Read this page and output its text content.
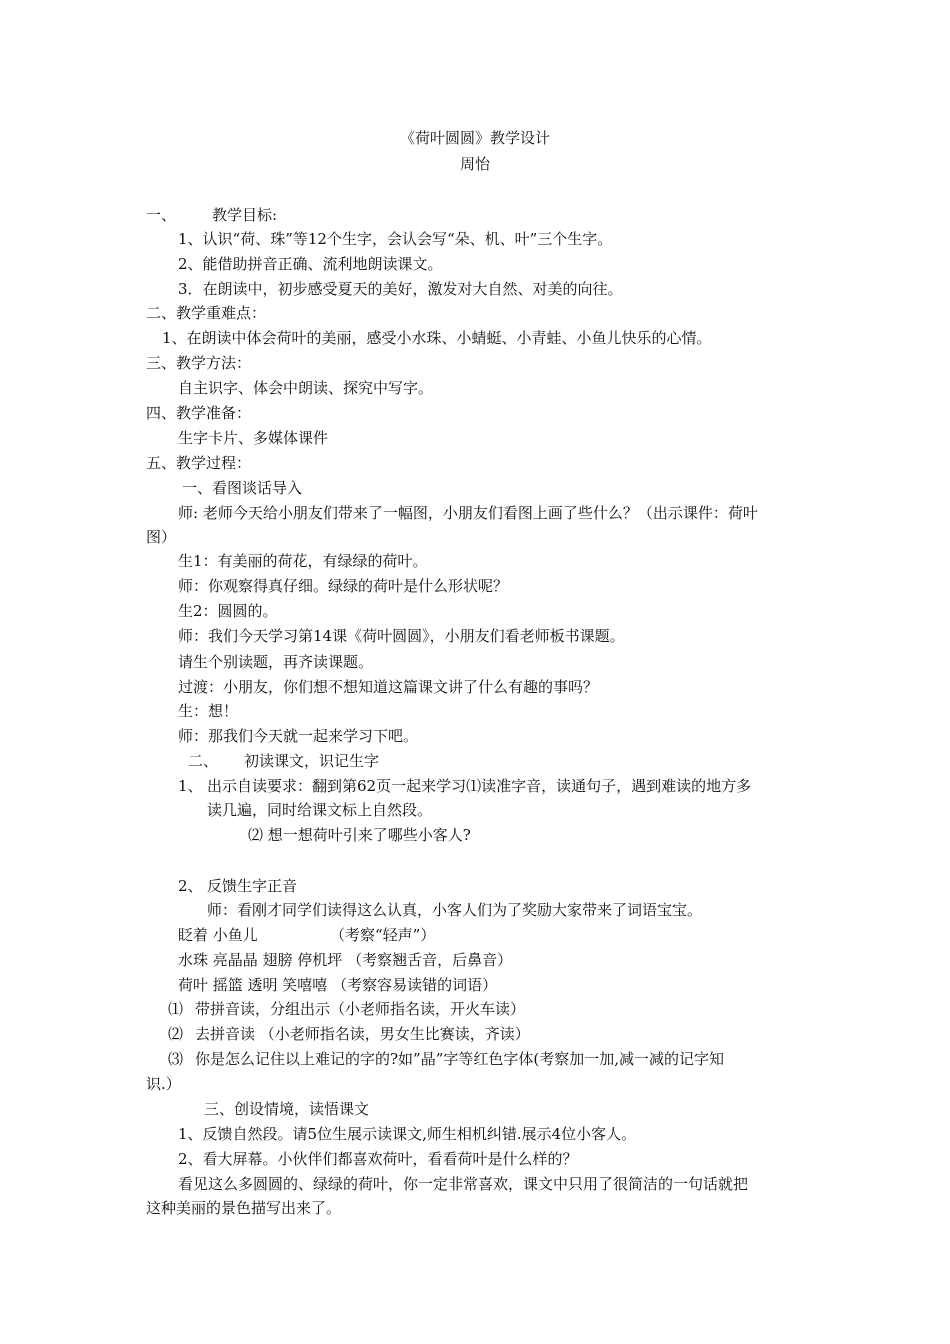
《荷叶圆圆》教学设计
周怡
一、 教学目标:
1、认识“荷、珠”等12个生字，会认会写“朵、机、叶”三个生字。
2、能借助拼音正确、流利地朗读课文。
3．在朗读中，初步感受夏天的美好，激发对大自然、对美的向往。
二、教学重难点：
1、在朗读中体会荷叶的美丽，感受小水珠、小蜻蜓、小青蛙、小鱼儿快乐的心情。
三、教学方法：
自主识字、体会中朗读、探究中写字。
四、教学准备：
生字卡片、多媒体课件
五、教学过程：
一、看图谈话导入
师: 老师今天给小朋友们带来了一幅图，小朋友们看图上画了些什么？（出示课件：荷叶
图）
生1：有美丽的荷花，有绿绿的荷叶。
师：你观察得真仔细。绿绿的荷叶是什么形状呢？
生2：圆圆的。
师：我们今天学习第14课《荷叶圆圆》，小朋友们看老师板书课题。
请生个别读题，再齐读课题。
过渡：小朋友，你们想不想知道这篇课文讲了什么有趣的事吗？
生：想！
师：那我们今天就一起来学习下吧。
二、 初读课文，识记生字
1、 出示自读要求：翻到第62页一起来学习⑴读准字音，读通句子，遇到难读的地方多
读几遍，同时给课文标上自然段。
⑵ 想一想荷叶引来了哪些小客人?
2、 反馈生字正音
师：看刚才同学们读得这么认真，小客人们为了奖励大家带来了词语宝宝。
眨着 小鱼儿	（考察“轻声”）
水珠 亮晶晶 翅膀 停机坪 （考察翘舌音，后鼻音）
荷叶 摇篮 透明 笑嘻嘻 （考察容易读错的词语）
⑴ 带拼音读，分组出示（小老师指名读，开火车读）
⑵ 去拼音读 （小老师指名读，男女生比赛读，齐读）
⑶ 你是怎么记住以上难记的字的?如”晶”字等红色字体(考察加一加,减一减的记字知
识.）
三、创设情境，读悟课文
1、反馈自然段。请5位生展示读课文,师生相机纠错.展示4位小客人。
2、看大屏幕。小伙伴们都喜欢荷叶，看看荷叶是什么样的？
看见这么多圆圆的、绿绿的荷叶，你一定非常喜欢，课文中只用了很简洁的一句话就把
这种美丽的景色描写出来了。
